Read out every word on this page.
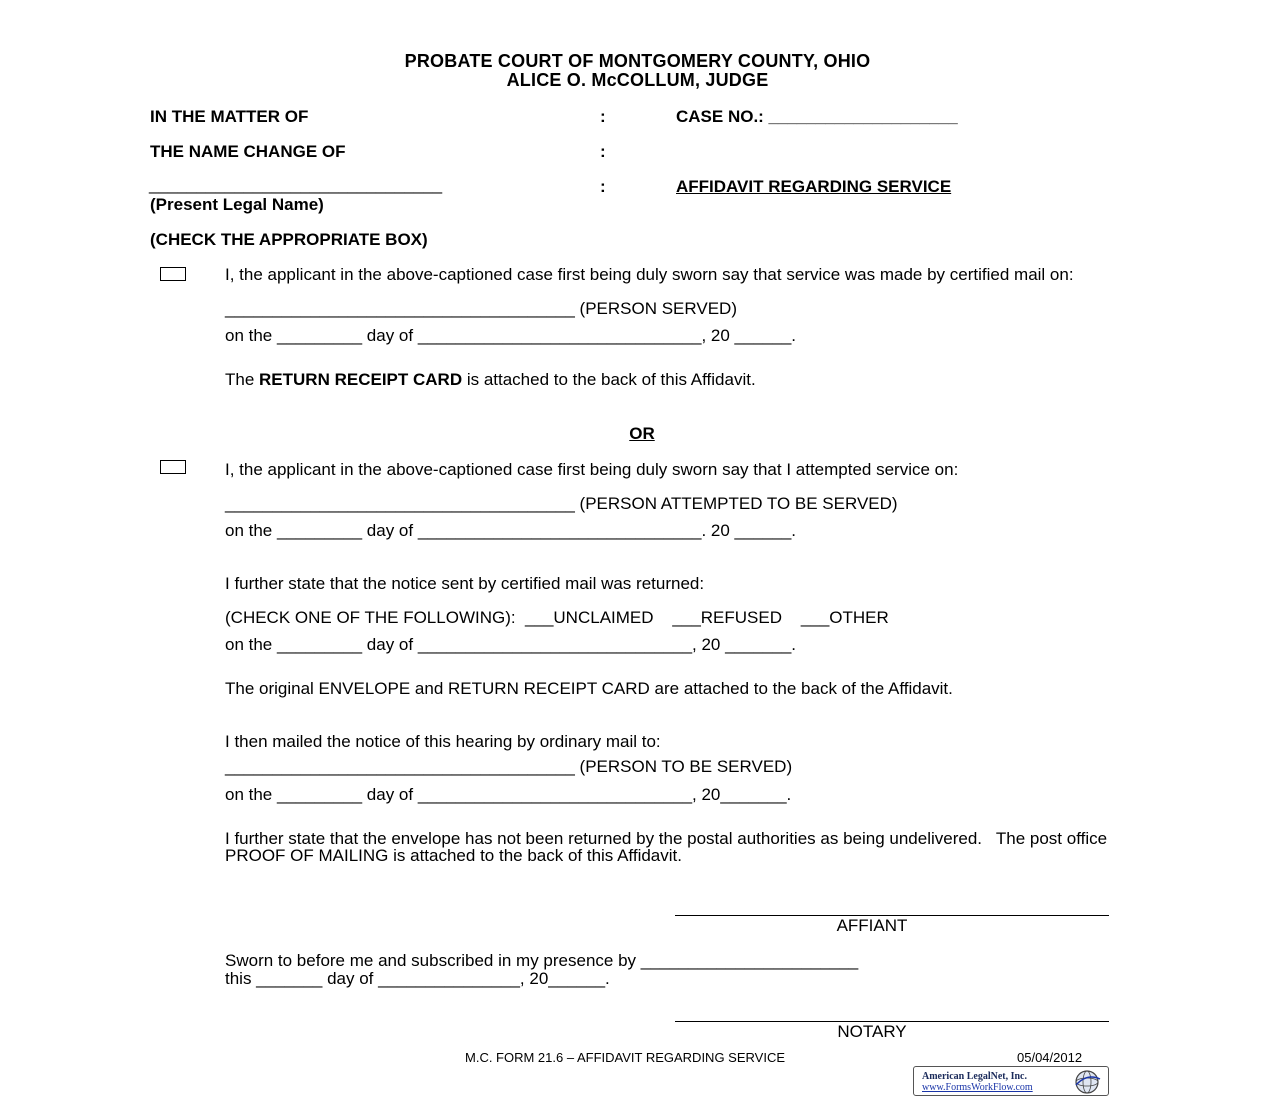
PROBATE COURT OF MONTGOMERY COUNTY, OHIO
ALICE O. McCOLLUM, JUDGE
IN THE MATTER OF	:	CASE NO.: ____________________
THE NAME CHANGE OF	:
_______________________________	:	AFFIDAVIT REGARDING SERVICE
(Present Legal Name)
(CHECK THE APPROPRIATE BOX)
I, the applicant in the above-captioned case first being duly sworn say that service was made by certified mail on:
_____________________________________ (PERSON SERVED)
on the _________ day of ______________________________, 20 ______.
The RETURN RECEIPT CARD is attached to the back of this Affidavit.
OR
I, the applicant in the above-captioned case first being duly sworn say that I attempted service on:
_____________________________________ (PERSON ATTEMPTED TO BE SERVED)
on the _________ day of ______________________________. 20 ______.
I further state that the notice sent by certified mail was returned:
(CHECK ONE OF THE FOLLOWING):  ___UNCLAIMED    ___REFUSED    ___OTHER
on the _________ day of _____________________________, 20 _______.
The original ENVELOPE and RETURN RECEIPT CARD are attached to the back of the Affidavit.
I then mailed the notice of this hearing by ordinary mail to:
_____________________________________ (PERSON TO BE SERVED)
on the _________ day of _____________________________, 20_______.
I further state that the envelope has not been returned by the postal authorities as being undelivered.   The post office PROOF OF MAILING is attached to the back of this Affidavit.
AFFIANT
Sworn to before me and subscribed in my presence by _______________________
this _______ day of _______________, 20______.
NOTARY
M.C. FORM 21.6 – AFFIDAVIT REGARDING SERVICE	05/04/2012
American LegalNet, Inc.
www.FormsWorkFlow.com
